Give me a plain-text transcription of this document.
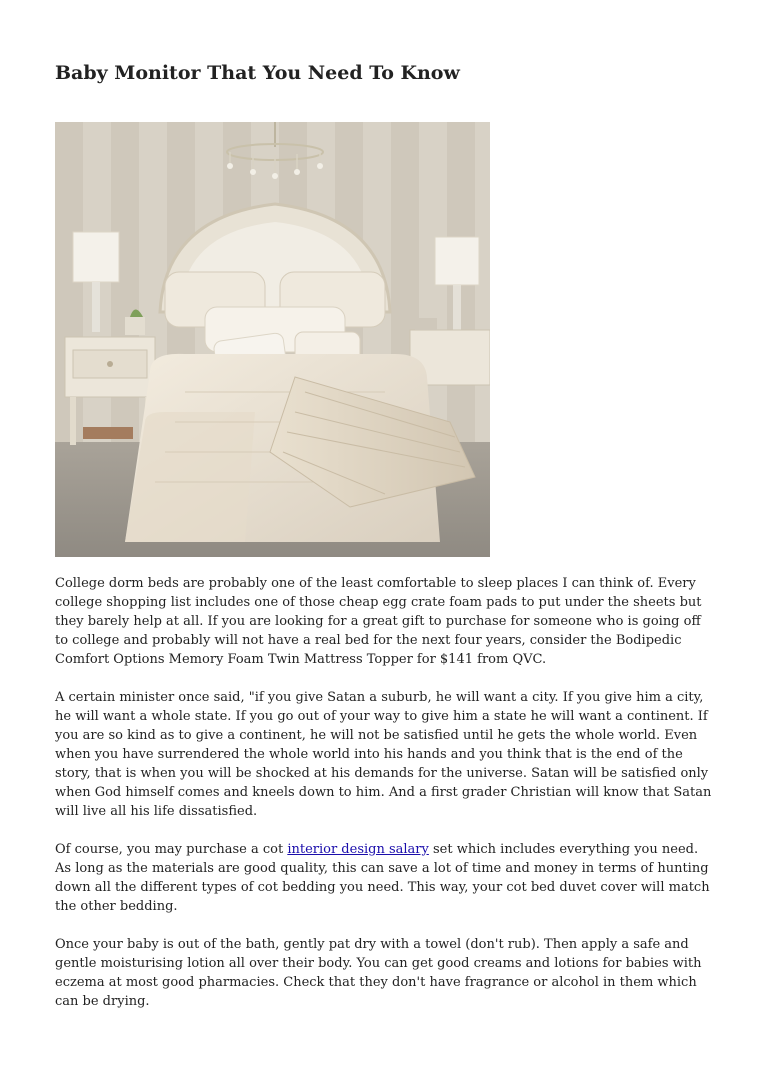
Baby Monitor That You Need To Know

College dorm beds are probably one of the least comfortable to sleep places I can think of. Every college shopping list includes one of those cheap egg crate foam pads to put under the sheets but they barely help at all. If you are looking for a great gift to purchase for someone who is going off to college and probably will not have a real bed for the next four years, consider the Bodipedic Comfort Options Memory Foam Twin Mattress Topper for $141 from QVC.

A certain minister once said, "if you give Satan a suburb, he will want a city. If you give him a city, he will want a whole state. If you go out of your way to give him a state he will want a continent. If you are so kind as to give a continent, he will not be satisfied until he gets the whole world. Even when you have surrendered the whole world into his hands and you think that is the end of the story, that is when you will be shocked at his demands for the universe. Satan will be satisfied only when God himself comes and kneels down to him. And a first grader Christian will know that Satan will live all his life dissatisfied.

Of course, you may purchase a cot interior design salary set which includes everything you need. As long as the materials are good quality, this can save a lot of time and money in terms of hunting down all the different types of cot bedding you need. This way, your cot bed duvet cover will match the other bedding.

Once your baby is out of the bath, gently pat dry with a towel (don't rub). Then apply a safe and gentle moisturising lotion all over their body. You can get good creams and lotions for babies with eczema at most good pharmacies. Check that they don't have fragrance or alcohol in them which can be drying.
